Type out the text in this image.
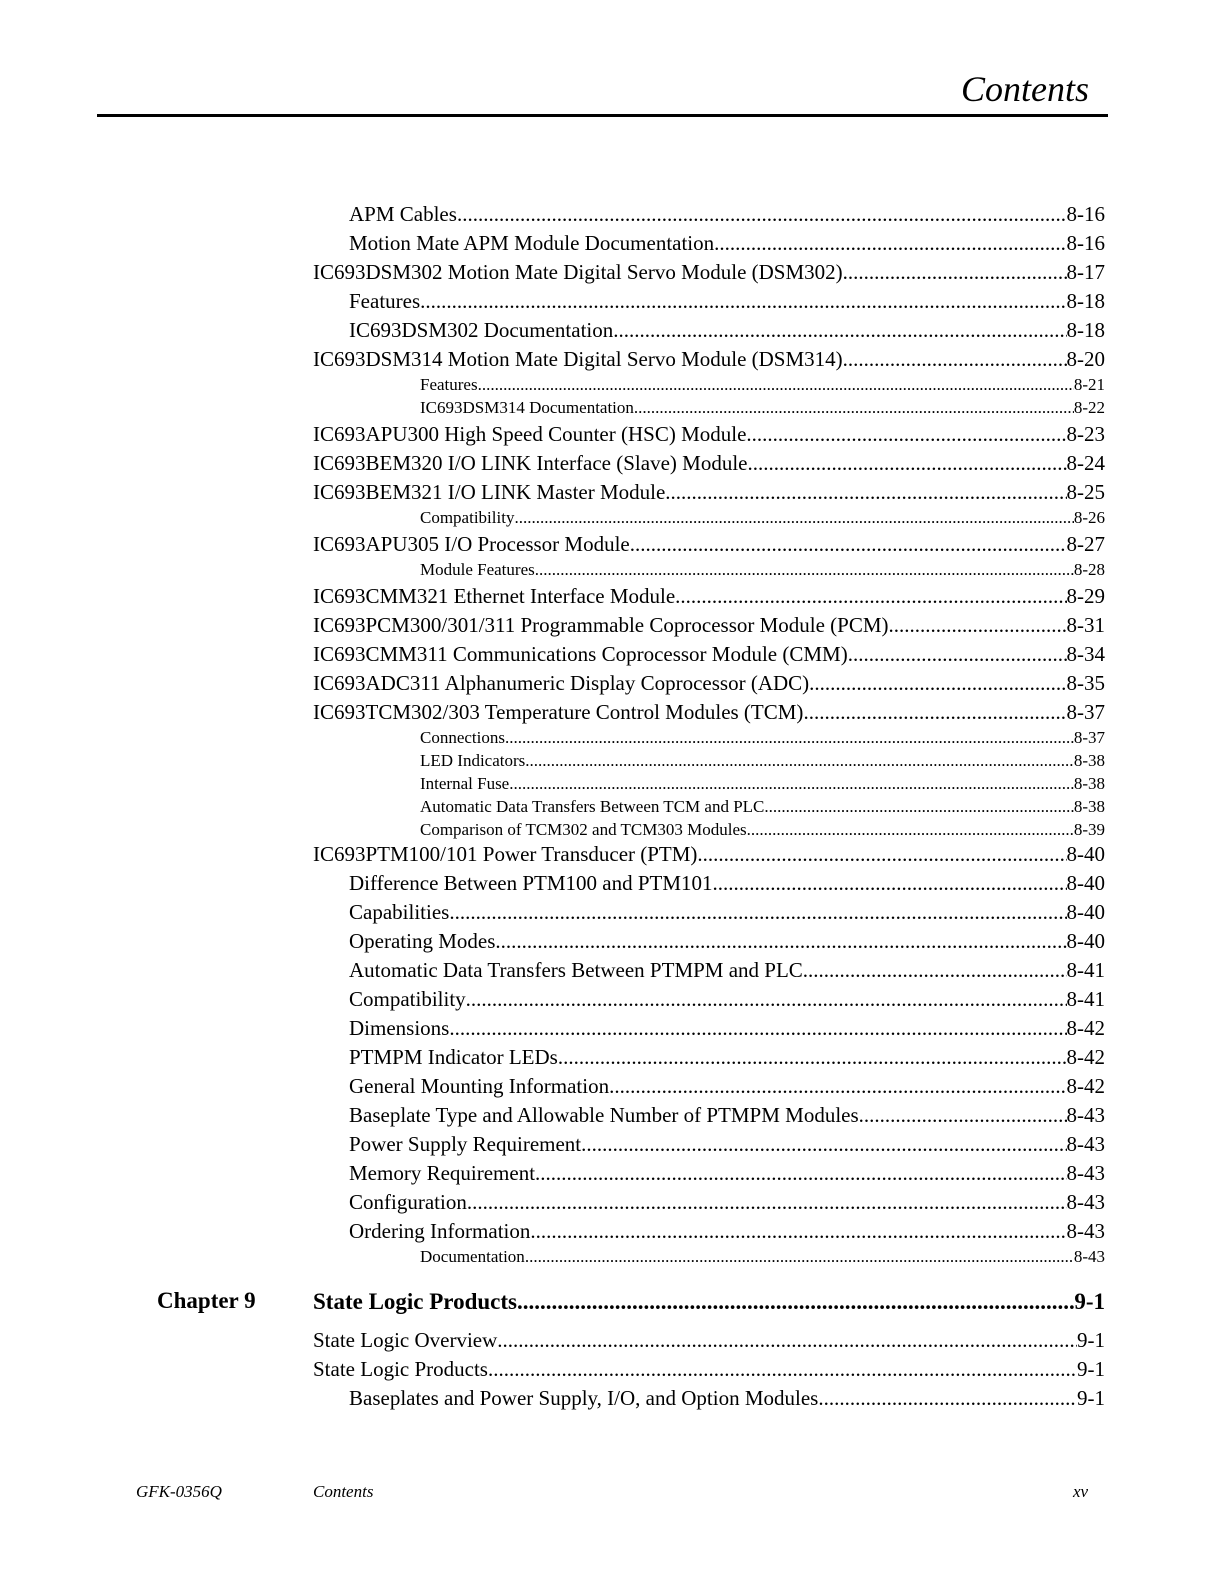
Contents
APM Cables .....	8-16
Motion Mate APM Module Documentation .....	8-16
IC693DSM302 Motion Mate Digital Servo Module (DSM302) .....	8-17
Features. .....	8-18
IC693DSM302 Documentation .....	8-18
IC693DSM314 Motion Mate Digital Servo Module (DSM314) .....	8-20
Features .....	8-21
IC693DSM314 Documentation .....	8-22
IC693APU300 High Speed Counter (HSC) Module .....	8-23
IC693BEM320 I/O LINK Interface (Slave) Module .....	8-24
IC693BEM321 I/O LINK Master Module .....	8-25
Compatibility .....	8-26
IC693APU305 I/O Processor Module .....	8-27
Module Features .....	8-28
IC693CMM321 Ethernet Interface Module .....	8-29
IC693PCM300/301/311 Programmable Coprocessor Module (PCM) .....	8-31
IC693CMM311 Communications Coprocessor Module (CMM) .....	8-34
IC693ADC311 Alphanumeric Display Coprocessor (ADC) .....	8-35
IC693TCM302/303 Temperature Control Modules (TCM) .....	8-37
Connections .....	8-37
LED Indicators .....	8-38
Internal Fuse .....	8-38
Automatic Data Transfers Between TCM and PLC .....	8-38
Comparison of TCM302 and TCM303 Modules .....	8-39
IC693PTM100/101 Power Transducer (PTM) .....	8-40
Difference Between PTM100 and PTM101 .....	8-40
Capabilities .....	8-40
Operating Modes .....	8-40
Automatic Data Transfers Between PTMPM and PLC .....	8-41
Compatibility .....	8-41
Dimensions .....	8-42
PTMPM Indicator LEDs .....	8-42
General Mounting Information .....	8-42
Baseplate Type and Allowable Number of PTMPM Modules .....	8-43
Power Supply Requirement .....	8-43
Memory Requirement .....	8-43
Configuration .....	8-43
Ordering Information .....	8-43
Documentation .....	8-43
Chapter 9 State Logic Products .....	9-1
State Logic Overview .....	9-1
State Logic Products .....	9-1
Baseplates and Power Supply, I/O, and Option Modules .....	9-1
GFK-0356Q	Contents	xv
